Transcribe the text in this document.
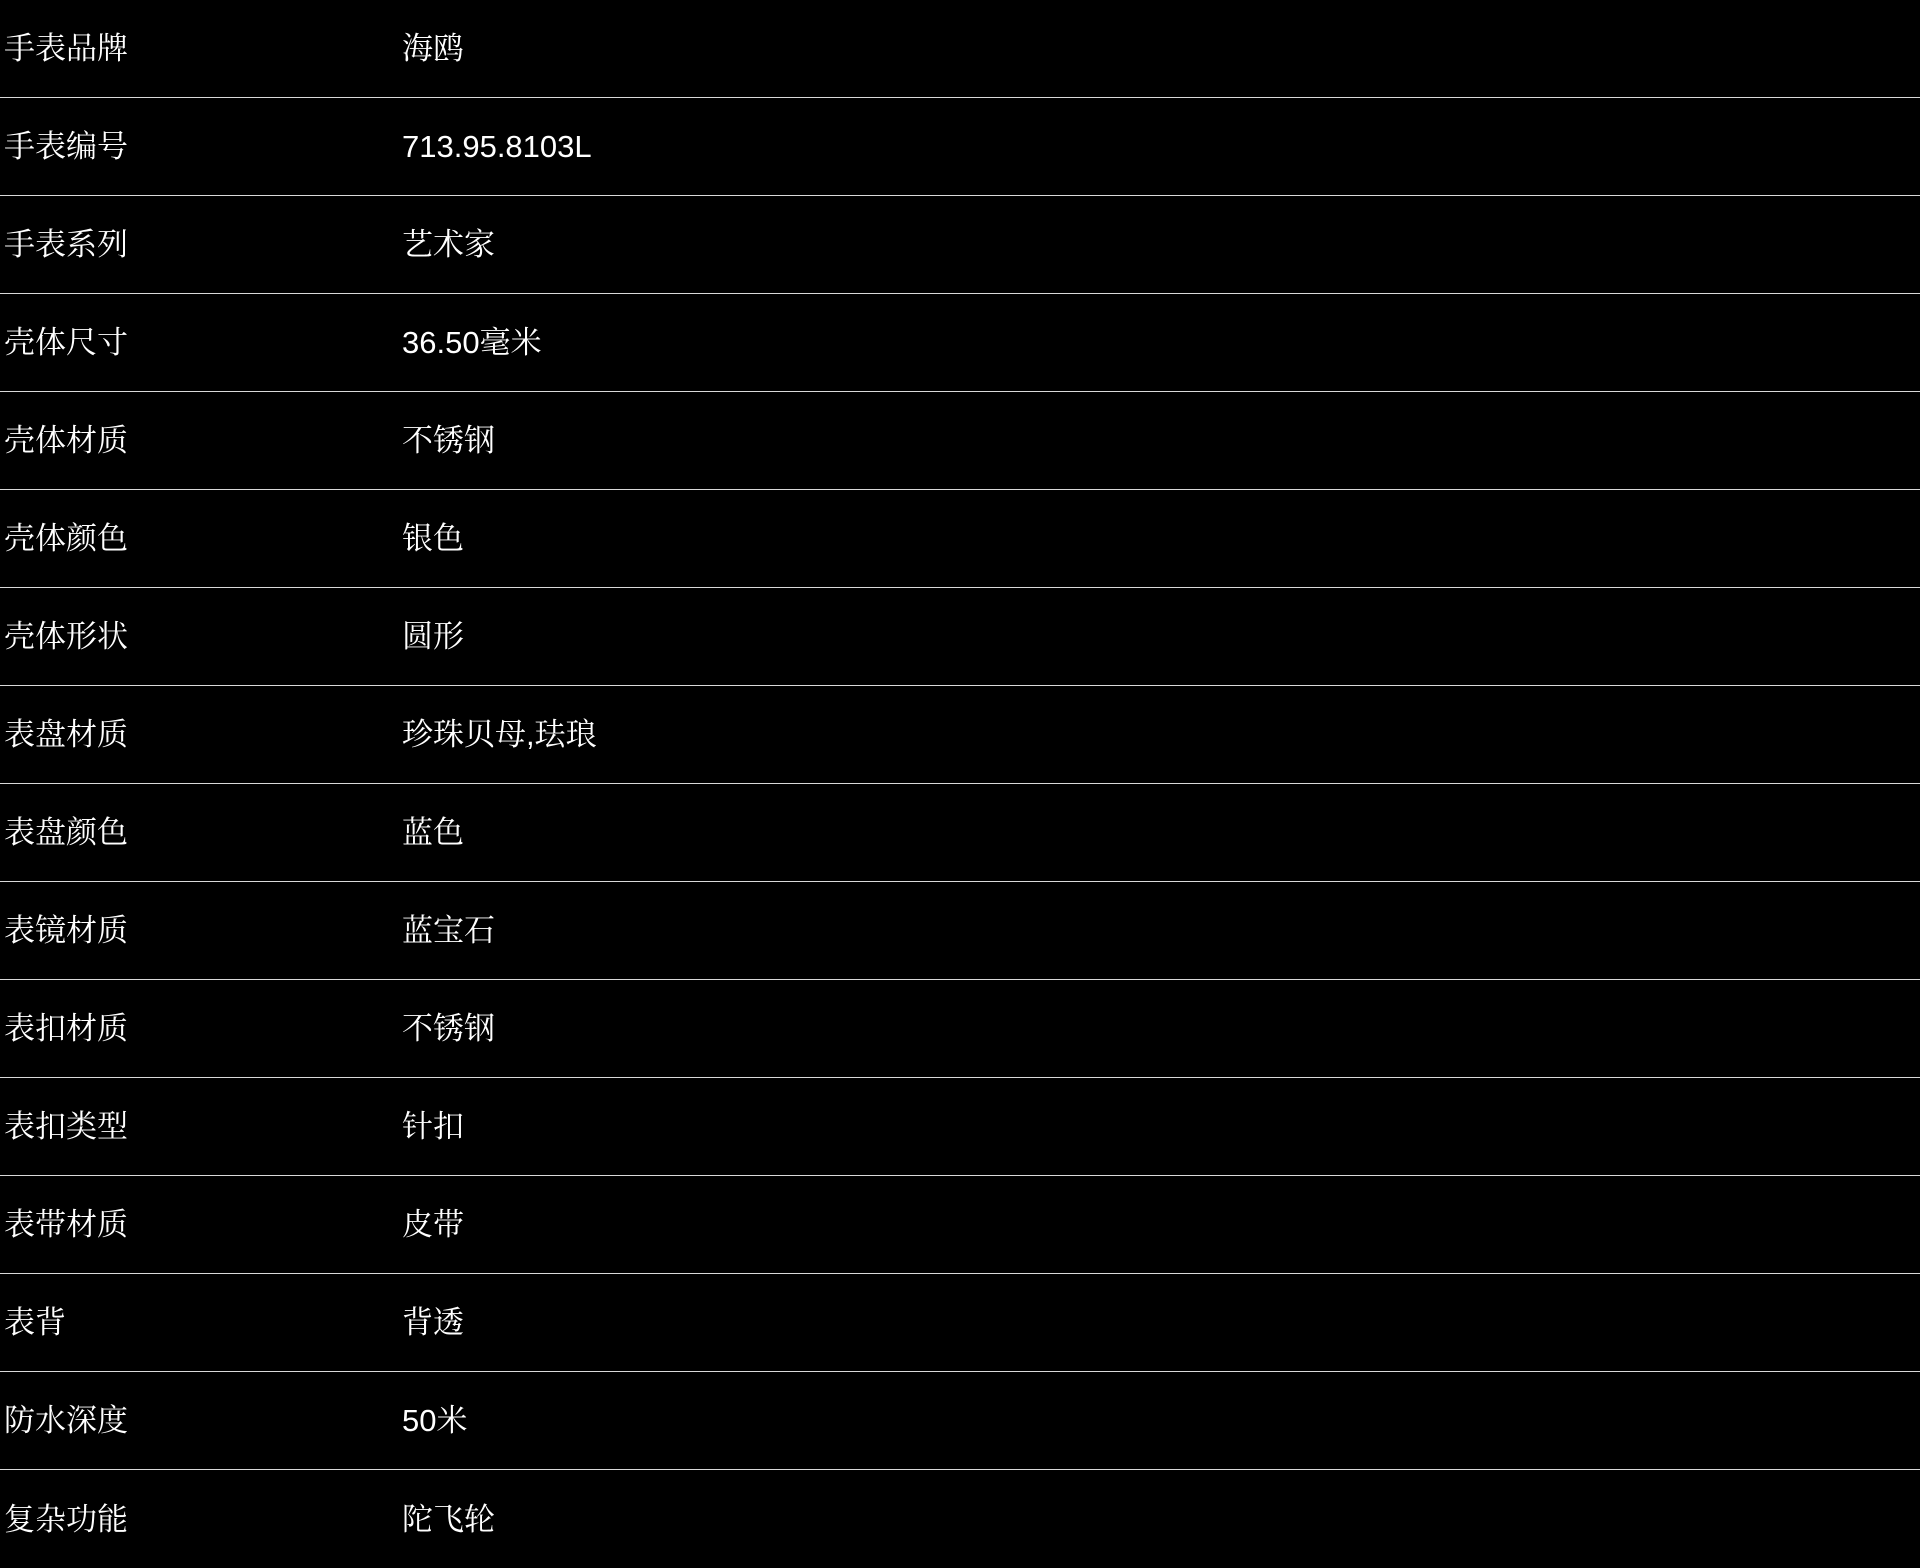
手表品牌	海鸥
手表编号	713.95.8103L
手表系列	艺术家
壳体尺寸	36.50毫米
壳体材质	不锈钢
壳体颜色	银色
壳体形状	圆形
表盘材质	珍珠贝母,珐琅
表盘颜色	蓝色
表镜材质	蓝宝石
表扣材质	不锈钢
表扣类型	针扣
表带材质	皮带
表背	背透
防水深度	50米
复杂功能	陀飞轮
